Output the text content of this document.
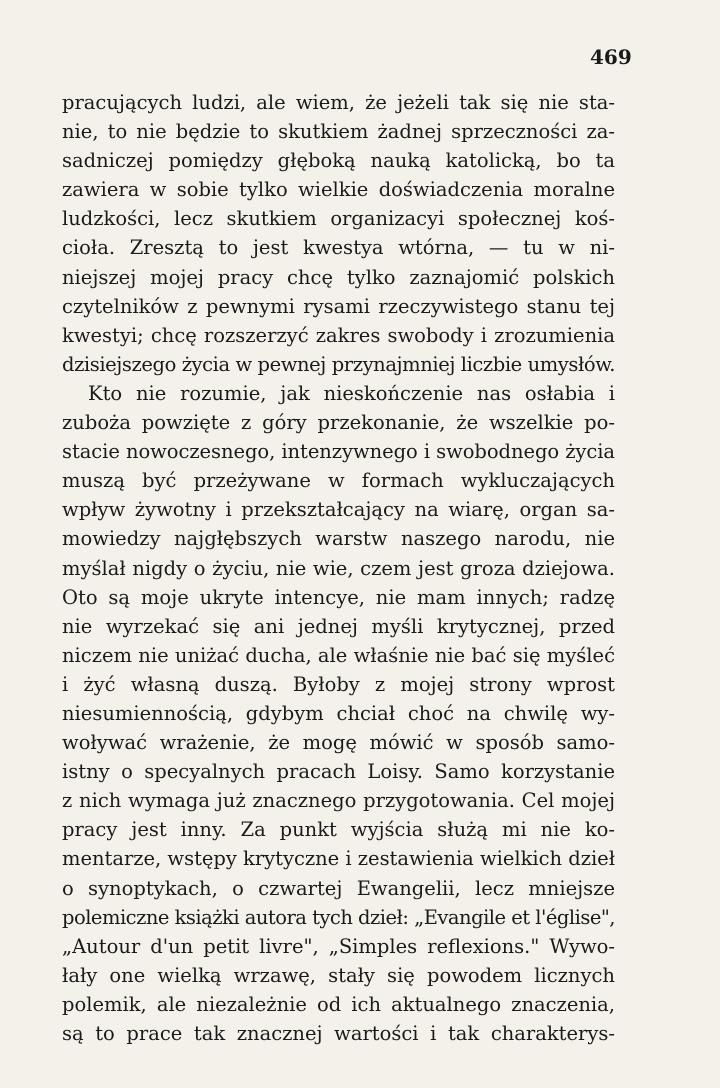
469
pracujących ludzi, ale wiem, że jeżeli tak się nie sta-
nie, to nie będzie to skutkiem żadnej sprzeczności za-
sadniczej pomiędzy głęboką nauką katolicką, bo ta
zawiera w sobie tylko wielkie doświadczenia moralne
ludzkości, lecz skutkiem organizacyi społecznej koś-
cioła. Zresztą to jest kwestya wtórna, — tu w ni-
niejszej mojej pracy chcę tylko zaznajomić polskich
czytelników z pewnymi rysami rzeczywistego stanu tej
kwestyi; chcę rozszerzyć zakres swobody i zrozumienia
dzisiejszego życia w pewnej przynajmniej liczbie umysłów.
Kto nie rozumie, jak nieskończenie nas osłabia i
zuboża powzięte z góry przekonanie, że wszelkie po-
stacie nowoczesnego, intenzywnego i swobodnego życia
muszą być przeżywane w formach wykluczających
wpływ żywotny i przekształcający na wiarę, organ sa-
mowiedzy najgłębszych warstw naszego narodu, nie
myślał nigdy o życiu, nie wie, czem jest groza dziejowa.
Oto są moje ukryte intencye, nie mam innych; radzę
nie wyrzekać się ani jednej myśli krytycznej, przed
niczem nie uniżać ducha, ale właśnie nie bać się myśleć
i żyć własną duszą. Byłoby z mojej strony wprost
niesumiennością, gdybym chciał choć na chwilę wy-
woływać wrażenie, że mogę mówić w sposób samo-
istny o specyalnych pracach Loisy. Samo korzystanie
z nich wymaga już znacznego przygotowania. Cel mojej
pracy jest inny. Za punkt wyjścia służą mi nie ko-
mentarze, wstępy krytyczne i zestawienia wielkich dzieł
o synoptykach, o czwartej Ewangelii, lecz mniejsze
polemiczne książki autora tych dzieł: „Evangile et l'église",
„Autour d'un petit livre", „Simples reflexions." Wywo-
łały one wielką wrzawę, stały się powodem licznych
polemik, ale niezależnie od ich aktualnego znaczenia,
są to prace tak znacznej wartości i tak charakterys-
